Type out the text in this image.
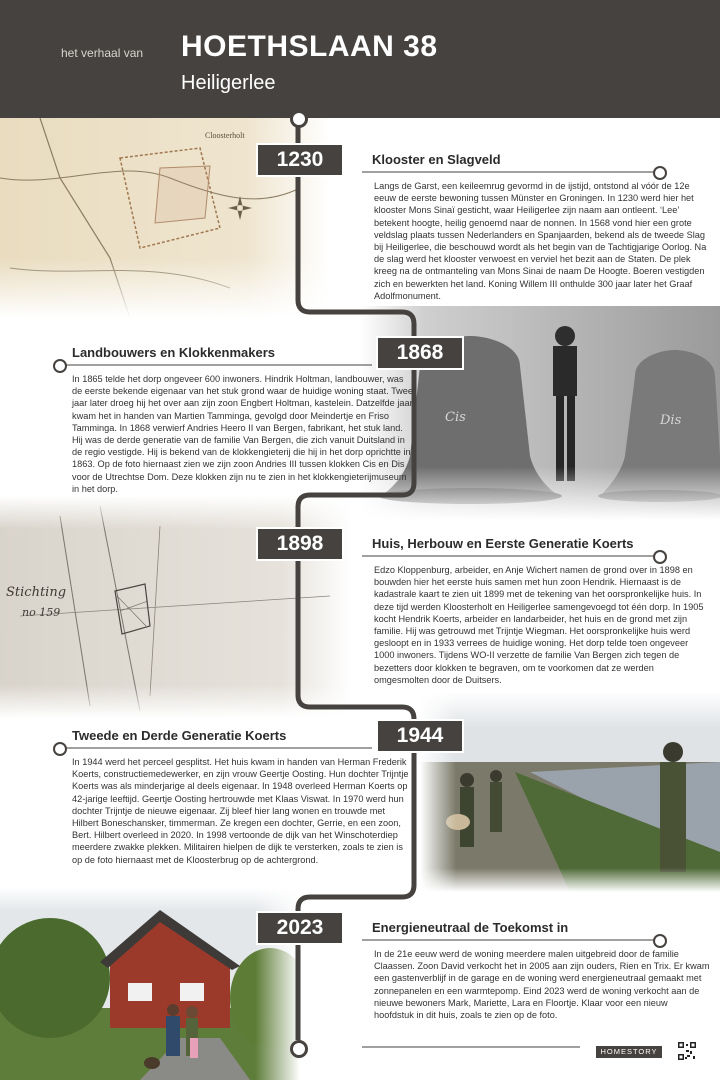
het verhaal van HOETHSLAAN 38
Heiligerlee
1230	Klooster en Slagveld
Langs de Garst, een keileemrug gevormd in de ijstijd, ontstond al vóór de 12e eeuw de eerste bewoning tussen Münster en Groningen. In 1230 werd hier het klooster Mons Sinaï gesticht, waar Heiligerlee zijn naam aan ontleent. ‘Lee’ betekent hoogte, heilig genoemd naar de nonnen. In 1568 vond hier een grote veldslag plaats tussen Nederlanders en Spanjaarden, bekend als de tweede Slag bij Heiligerlee, die beschouwd wordt als het begin van de Tachtigjarige Oorlog. Na de slag werd het klooster verwoest en verviel het bezit aan de Staten. De plek kreeg na de ontmanteling van Mons Sinai de naam De Hoogte. Boeren vestigden zich en bewerkten het land. Koning Willem III onthulde 300 jaar later het Graaf Adolfmonument.
1868
Landbouwers en Klokkenmakers
In 1865 telde het dorp ongeveer 600 inwoners. Hindrik Holtman, landbouwer, was de eerste bekende eigenaar van het stuk grond waar de huidige woning staat. Twee jaar later droeg hij het over aan zijn zoon Engbert Holtman, kastelein. Datzelfde jaar kwam het in handen van Martien Tamminga, gevolgd door Meindertje en Friso Tamminga. In 1868 verwierf Andries Heero II van Bergen, fabrikant, het stuk land. Hij was de derde generatie van de familie Van Bergen, die zich vanuit Duitsland in de regio vestigde. Hij is bekend van de klokkengieterij die hij in het dorp oprichtte in 1863. Op de foto hiernaast zien we zijn zoon Andries III tussen klokken Cis en Dis voor de Utrechtse Dom. Deze klokken zijn nu te zien in het klokkengieterijmuseum in het dorp.
1898	Huis, Herbouw en Eerste Generatie Koerts
Edzo Kloppenburg, arbeider, en Anje Wichert namen de grond over in 1898 en bouwden hier het eerste huis samen met hun zoon Hendrik. Hiernaast is de kadastrale kaart te zien uit 1899 met de tekening van het oorspronkelijke huis. In deze tijd werden Kloosterholt en Heiligerlee samengevoegd tot één dorp. In 1905 kocht Hendrik Koerts, arbeider en landarbeider, het huis en de grond met zijn familie. Hij was getrouwd met Trijntje Wiegman. Het oorspronkelijke huis werd gesloopt en in 1933 verrees de huidige woning. Het dorp telde toen ongeveer 1000 inwoners. Tijdens WO-II verzette de familie Van Bergen zich tegen de bezetters door klokken te begraven, om te voorkomen dat ze werden omgesmolten door de Duitsers.
1944
Tweede en Derde Generatie Koerts
In 1944 werd het perceel gesplitst. Het huis kwam in handen van Herman Frederik Koerts, constructiemedewerker, en zijn vrouw Geertje Oosting. Hun dochter Trijntje Koerts was als minderjarige al deels eigenaar. In 1948 overleed Herman Koerts op 42-jarige leeftijd. Geertje Oosting hertrouwde met Klaas Viswat. In 1970 werd hun dochter Trijntje de nieuwe eigenaar. Zij bleef hier lang wonen en trouwde met Hilbert Boneschansker, timmerman. Ze kregen een dochter, Gerrie, en een zoon, Bert. Hilbert overleed in 2020. In 1998 vertoonde de dijk van het Winschoterdiep meerdere zwakke plekken. Militairen hielpen de dijk te versterken, zoals te zien is op de foto hiernaast met de Kloosterbrug op de achtergrond.
2023	Energieneutraal de Toekomst in
In de 21e eeuw werd de woning meerdere malen uitgebreid door de familie Claassen. Zoon David verkocht het in 2005 aan zijn ouders, Rien en Trix. Er kwam een gastenverblijf in de garage en de woning werd energieneutraal gemaakt met zonnepanelen en een warmtepomp. Eind 2023 werd de woning verkocht aan de nieuwe bewoners Mark, Mariette, Lara en Floortje. Klaar voor een nieuw hoofdstuk in dit huis, zoals te zien op de foto.
HOMESTORY
